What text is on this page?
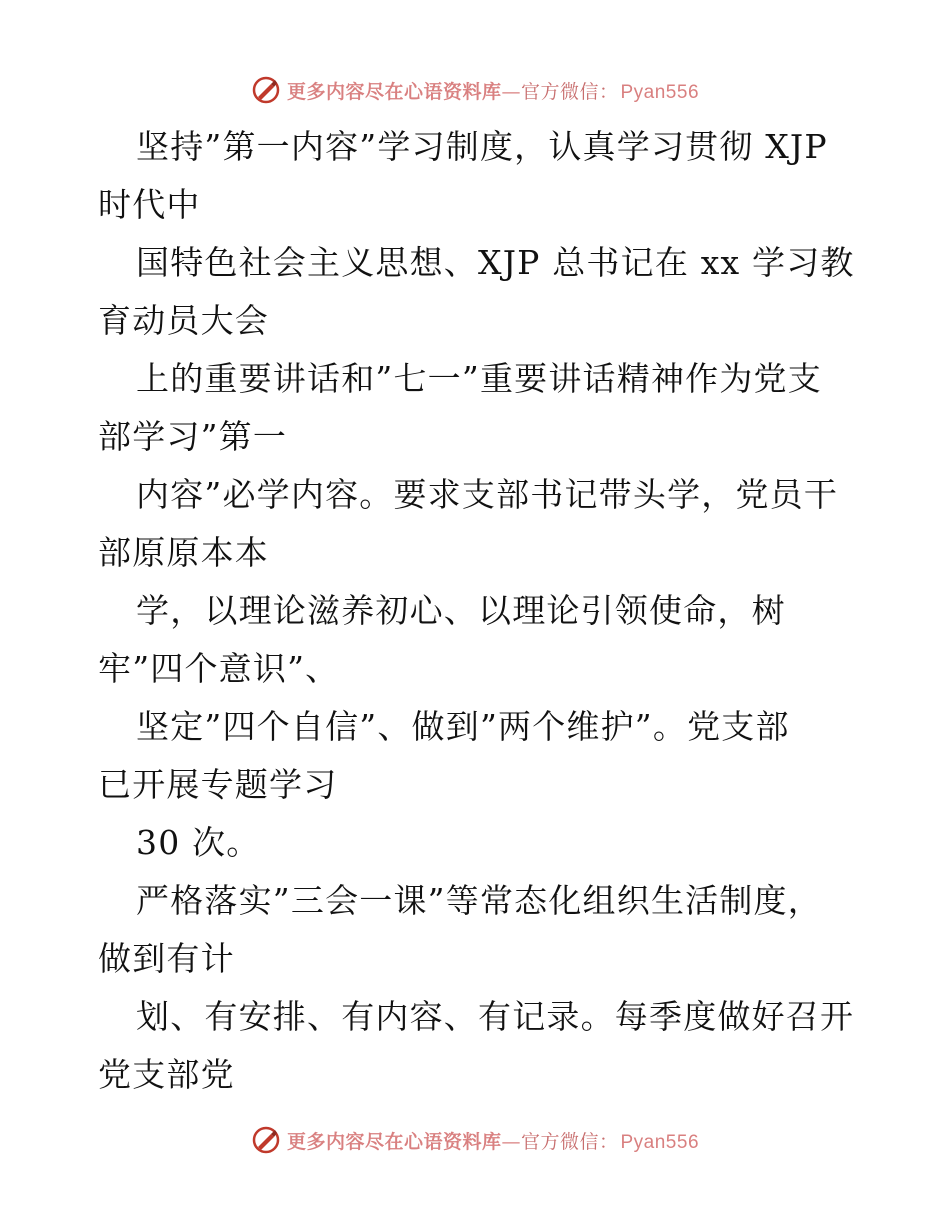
更多内容尽在心语资料库—官方微信： Pyan556
坚持”第一内容”学习制度，认真学习贯彻 XJP
时代中
国特色社会主义思想、XJP 总书记在 xx 学习教
育动员大会
上的重要讲话和”七一”重要讲话精神作为党支
部学习”第一
内容”必学内容。要求支部书记带头学，党员干
部原原本本
学，以理论滋养初心、以理论引领使命，树
牢”四个意识”、
坚定”四个自信”、做到”两个维护”。党支部
已开展专题学习
30 次。
严格落实”三会一课”等常态化组织生活制度，
做到有计
划、有安排、有内容、有记录。每季度做好召开
党支部党
更多内容尽在心语资料库—官方微信： Pyan556
